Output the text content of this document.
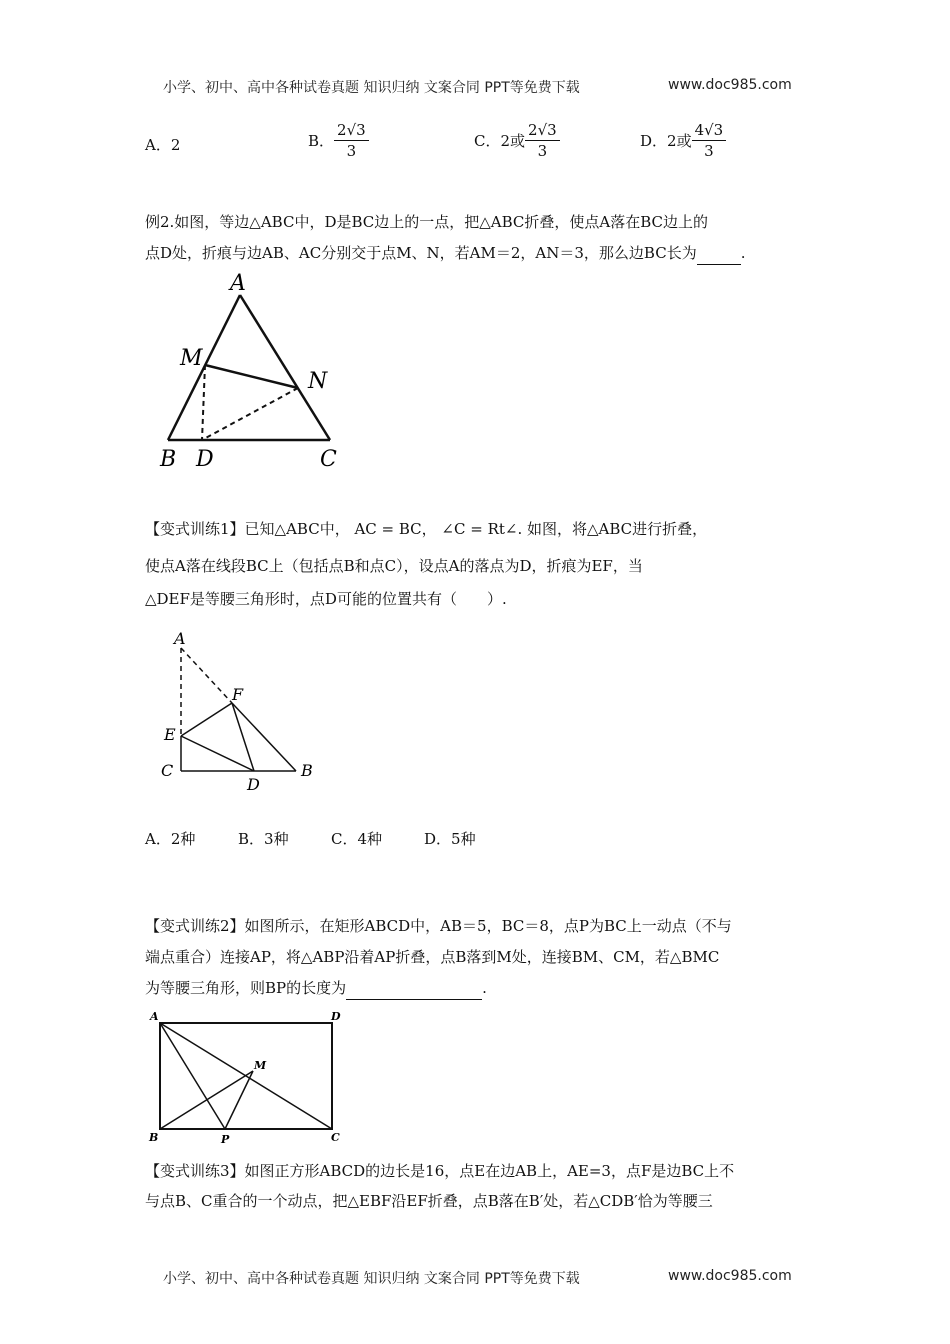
小学、初中、高中各种试卷真题 知识归纳 文案合同 PPT等免费下载	www.doc985.com
A．2	B． $\frac{2√3}{3}$	C．2或 $\frac{2√3}{3}$	D．2或 $\frac{4√3}{3}$
例2.如图，等边△ABC中，D是BC边上的一点，把△ABC折叠，使点A落在BC边上的
点D处，折痕与边AB、AC分别交于点M、N，若AM＝2，AN＝3，那么边BC长为	.
A
M
N
B D	C
【变式训练1】已知△ABC中， AC = BC， ∠C = Rt∠. 如图，将△ABC进行折叠，
使点A落在线段BC上（包括点B和点C），设点A的落点为D，折痕为EF，当
△DEF是等腰三角形时，点D可能的位置共有（　　）.
A
F
E
C
D
B
A．2种	B．3种	C．4种	D．5种
【变式训练2】如图所示，在矩形ABCD中，AB＝5，BC＝8，点P为BC上一动点（不与
端点重合）连接AP，将△ABP沿着AP折叠，点B落到M处，连接BM、CM，若△BMC
为等腰三角形，则BP的长度为	.
A	D
M
B	P	C
【变式训练3】如图正方形ABCD的边长是16，点E在边AB上，AE=3，点F是边BC上不
与点B、C重合的一个动点，把△EBF沿EF折叠，点B落在B′处，若△CDB′恰为等腰三
小学、初中、高中各种试卷真题 知识归纳 文案合同 PPT等免费下载	www.doc985.com
